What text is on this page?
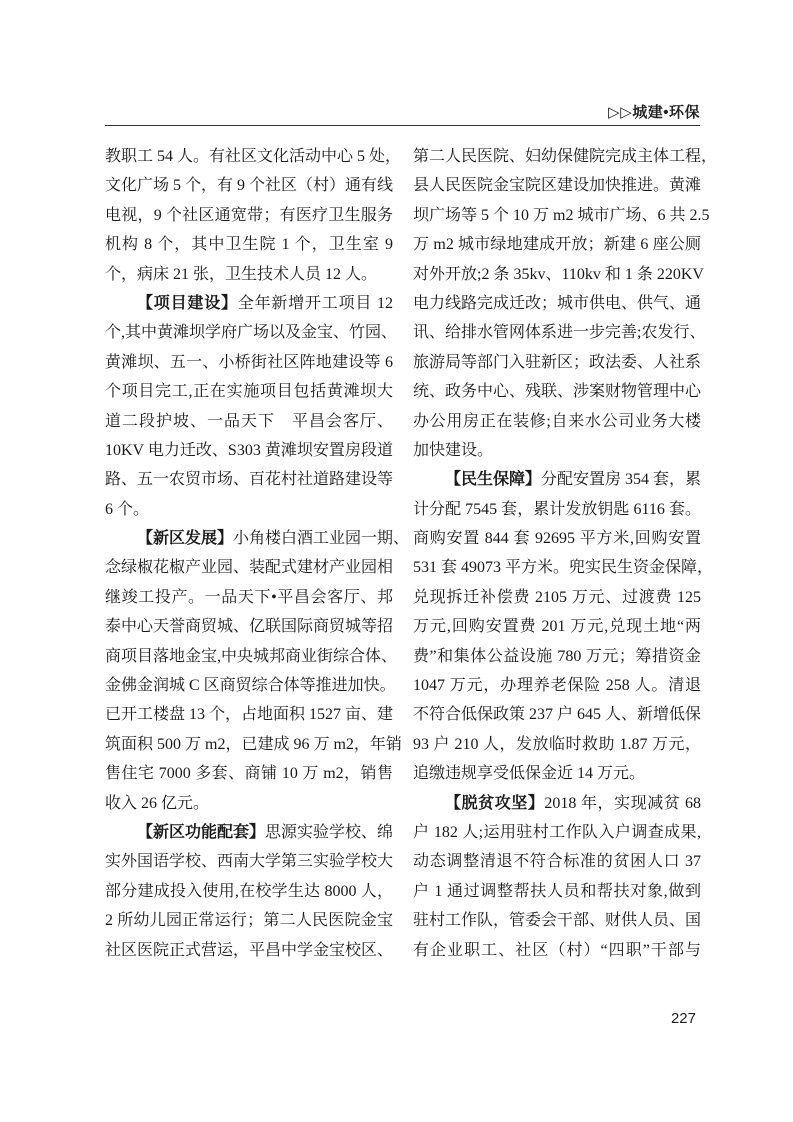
▷▷城建•环保
教职工 54 人。有社区文化活动中心 5 处，
文化广场 5 个，有 9 个社区（村）通有线
电视，9 个社区通宽带；有医疗卫生服务
机构 8 个，其中卫生院 1 个，卫生室 9
个，病床 21 张，卫生技术人员 12 人。
【项目建设】全年新增开工项目 12
个,其中黄滩坝学府广场以及金宝、竹园、
黄滩坝、五一、小桥街社区阵地建设等 6
个项目完工,正在实施项目包括黄滩坝大
道二段护坡、一品天下　平昌会客厅、
10KV 电力迁改、S303 黄滩坝安置房段道
路、五一农贸市场、百花村社道路建设等
6 个。
【新区发展】小角楼白酒工业园一期、
念绿椒花椒产业园、装配式建材产业园相
继竣工投产。一品天下•平昌会客厅、邦
泰中心天誉商贸城、亿联国际商贸城等招
商项目落地金宝,中央城邦商业街综合体、
金佛金润城 C 区商贸综合体等推进加快。
已开工楼盘 13 个，占地面积 1527 亩、建
筑面积 500 万 m2，已建成 96 万 m2，年销
售住宅 7000 多套、商铺 10 万 m2，销售
收入 26 亿元。
【新区功能配套】思源实验学校、绵
实外国语学校、西南大学第三实验学校大
部分建成投入使用,在校学生达 8000 人，
2 所幼儿园正常运行；第二人民医院金宝
社区医院正式营运，平昌中学金宝校区、
第二人民医院、妇幼保健院完成主体工程，
县人民医院金宝院区建设加快推进。黄滩
坝广场等 5 个 10 万 m2 城市广场、6 共 2.5
万 m2 城市绿地建成开放；新建 6 座公厕
对外开放;2 条 35kv、110kv 和 1 条 220KV
电力线路完成迁改；城市供电、供气、通
讯、给排水管网体系进一步完善;农发行、
旅游局等部门入驻新区；政法委、人社系
统、政务中心、残联、涉案财物管理中心
办公用房正在装修;自来水公司业务大楼
加快建设。
【民生保障】分配安置房 354 套，累
计分配 7545 套，累计发放钥匙 6116 套。
商购安置 844 套 92695 平方米,回购安置
531 套 49073 平方米。兜实民生资金保障，
兑现拆迁补偿费 2105 万元、过渡费 125
万元,回购安置费 201 万元,兑现土地“两
费”和集体公益设施 780 万元；筹措资金
1047 万元，办理养老保险 258 人。清退
不符合低保政策 237 户 645 人、新增低保
93 户 210 人，发放临时救助 1.87 万元，
追缴违规享受低保金近 14 万元。
【脱贫攻坚】2018 年，实现减贫 68
户 182 人;运用驻村工作队入户调查成果,
动态调整清退不符合标准的贫困人口 37
户 1 通过调整帮扶人员和帮扶对象,做到
驻村工作队，管委会干部、财供人员、国
有企业职工、社区（村）“四职”干部与
227
